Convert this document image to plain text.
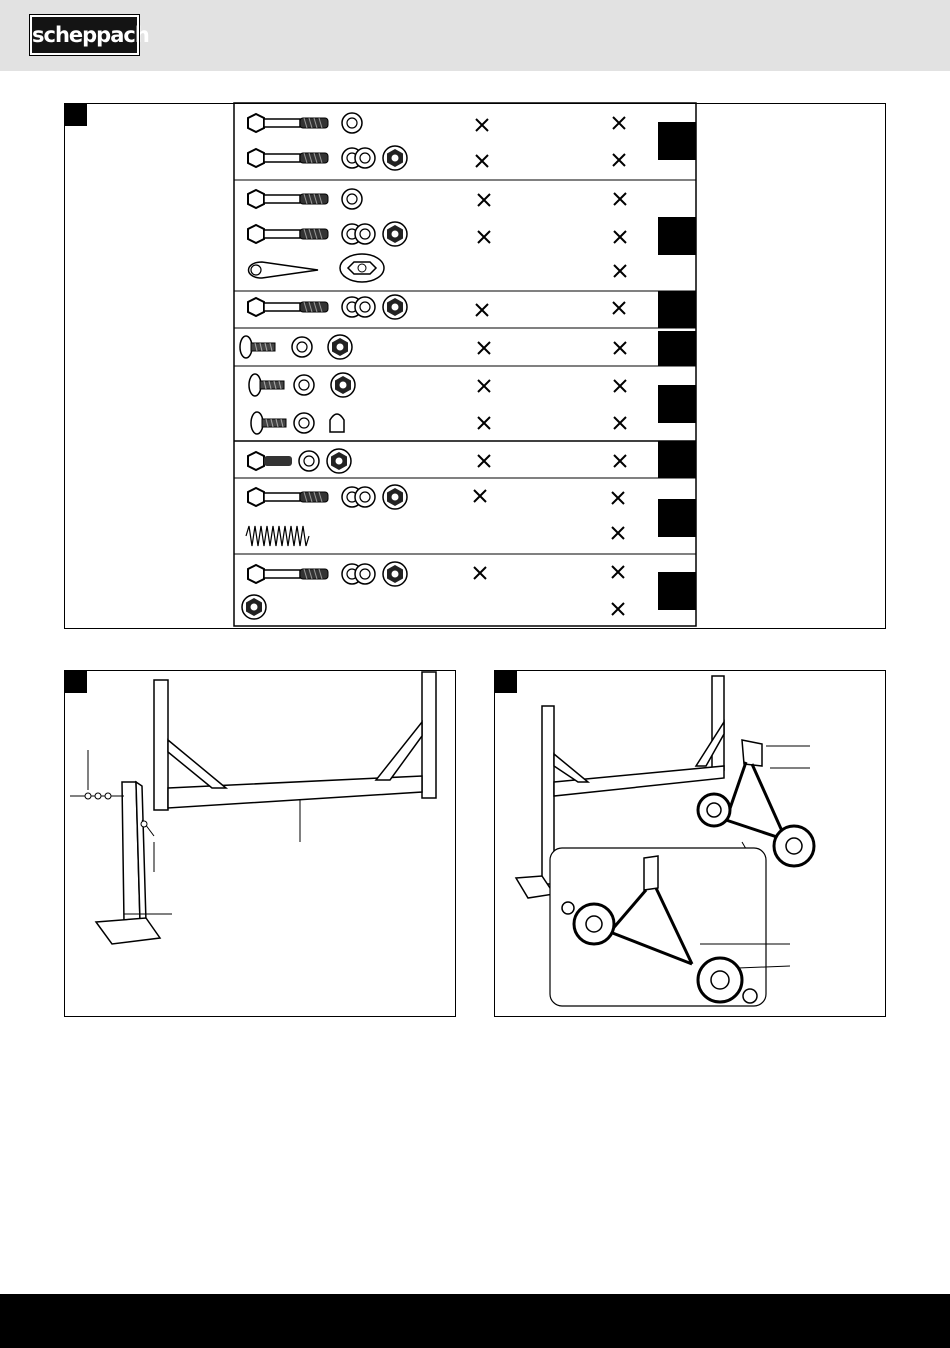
scheppach
